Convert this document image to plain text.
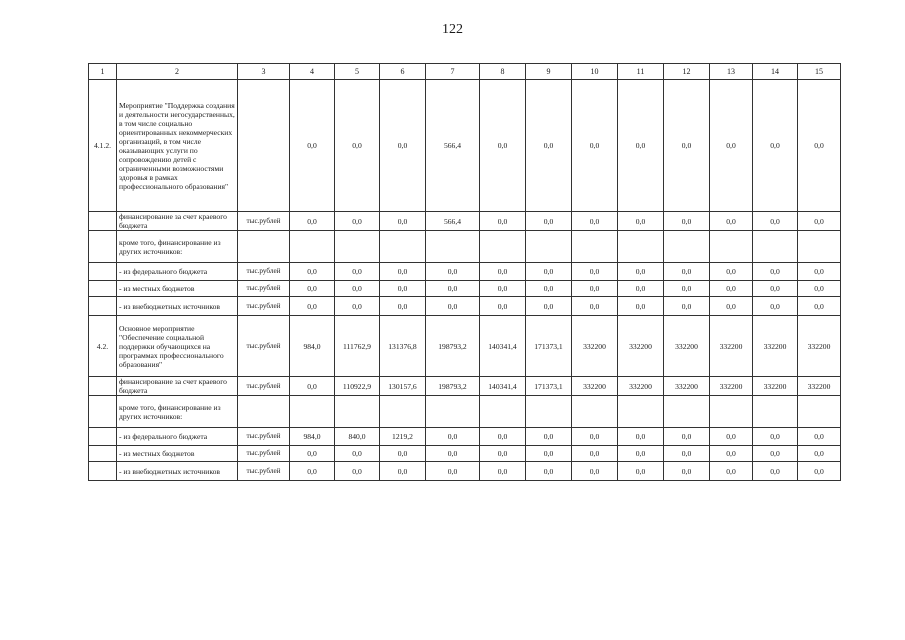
122
1	2	3	4	5	6	7	8	9	10	11	12	13	14	15
4.1.2.	Мероприятие "Поддержка создания и деятельности негосударственных, в том числе социально ориентированных некоммерческих организаций, в том числе оказывающих услуги по сопровождению детей с ограниченными возможностями здоровья в рамках профессионального образования"		0,0	0,0	0,0	566,4	0,0	0,0	0,0	0,0	0,0	0,0	0,0	0,0
	финансирование за счет краевого бюджета	тыс.рублей	0,0	0,0	0,0	566,4	0,0	0,0	0,0	0,0	0,0	0,0	0,0	0,0
	кроме того, финансирование из других источников:													
	- из федерального бюджета	тыс.рублей	0,0	0,0	0,0	0,0	0,0	0,0	0,0	0,0	0,0	0,0	0,0	0,0
	- из местных бюджетов	тыс.рублей	0,0	0,0	0,0	0,0	0,0	0,0	0,0	0,0	0,0	0,0	0,0	0,0
	- из внебюджетных источников	тыс.рублей	0,0	0,0	0,0	0,0	0,0	0,0	0,0	0,0	0,0	0,0	0,0	0,0
4.2.	Основное мероприятие "Обеспечение социальной поддержки обучающихся на программах профессионального образования"	тыс.рублей	984,0	111762,9	131376,8	198793,2	140341,4	171373,1	332200	332200	332200	332200	332200	332200
	финансирование за счет краевого бюджета	тыс.рублей	0,0	110922,9	130157,6	198793,2	140341,4	171373,1	332200	332200	332200	332200	332200	332200
	кроме того, финансирование из других источников:													
	- из федерального бюджета	тыс.рублей	984,0	840,0	1219,2	0,0	0,0	0,0	0,0	0,0	0,0	0,0	0,0	0,0
	- из местных бюджетов	тыс.рублей	0,0	0,0	0,0	0,0	0,0	0,0	0,0	0,0	0,0	0,0	0,0	0,0
	- из внебюджетных источников	тыс.рублей	0,0	0,0	0,0	0,0	0,0	0,0	0,0	0,0	0,0	0,0	0,0	0,0
